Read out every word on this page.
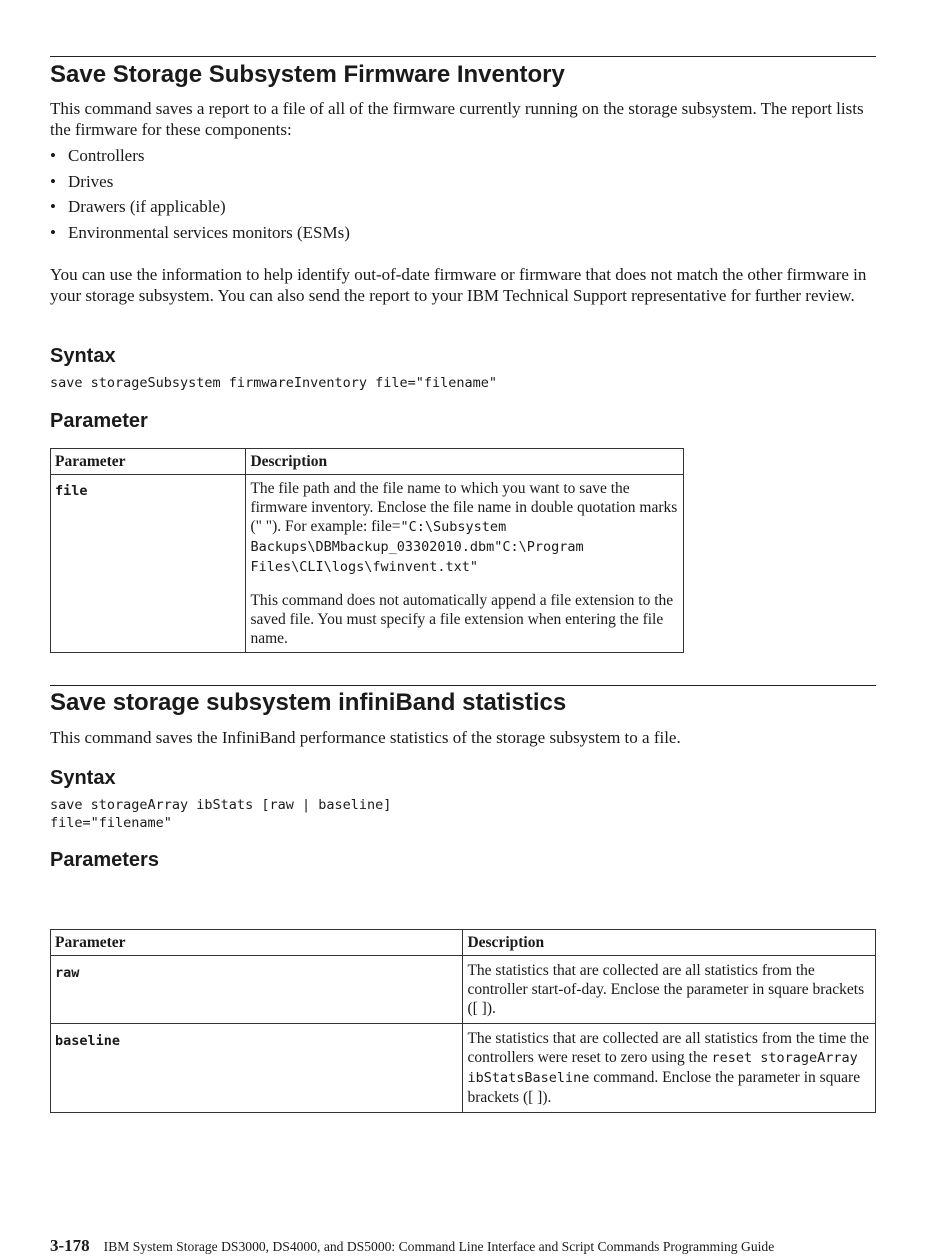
Save Storage Subsystem Firmware Inventory

This command saves a report to a file of all of the firmware currently running on the storage subsystem. The report lists the firmware for these components:

• Controllers
• Drives
• Drawers (if applicable)
• Environmental services monitors (ESMs)

You can use the information to help identify out-of-date firmware or firmware that does not match the other firmware in your storage subsystem. You can also send the report to your IBM Technical Support representative for further review.

Syntax
save storageSubsystem firmwareInventory file="filename"
Parameter
Parameter	Description
file	The file path and the file name to which you want to save the firmware inventory. Enclose the file name in double quotation marks (" "). For example: file="C:\Subsystem Backups\DBMbackup_03302010.dbm"C:\Program Files\CLI\logs\fwinvent.txt"

This command does not automatically append a file extension to the saved file. You must specify a file extension when entering the file name.

Save storage subsystem infiniBand statistics

This command saves the InfiniBand performance statistics of the storage subsystem to a file.

Syntax
save storageArray ibStats [raw | baseline]
file="filename"
Parameters
Parameter	Description
raw	The statistics that are collected are all statistics from the controller start-of-day. Enclose the parameter in square brackets ([ ]).

baseline	The statistics that are collected are all statistics from the time the controllers were reset to zero using the reset storageArray ibStatsBaseline command. Enclose the parameter in square brackets ([ ]).

3-178 IBM System Storage DS3000, DS4000, and DS5000: Command Line Interface and Script Commands Programming Guide
